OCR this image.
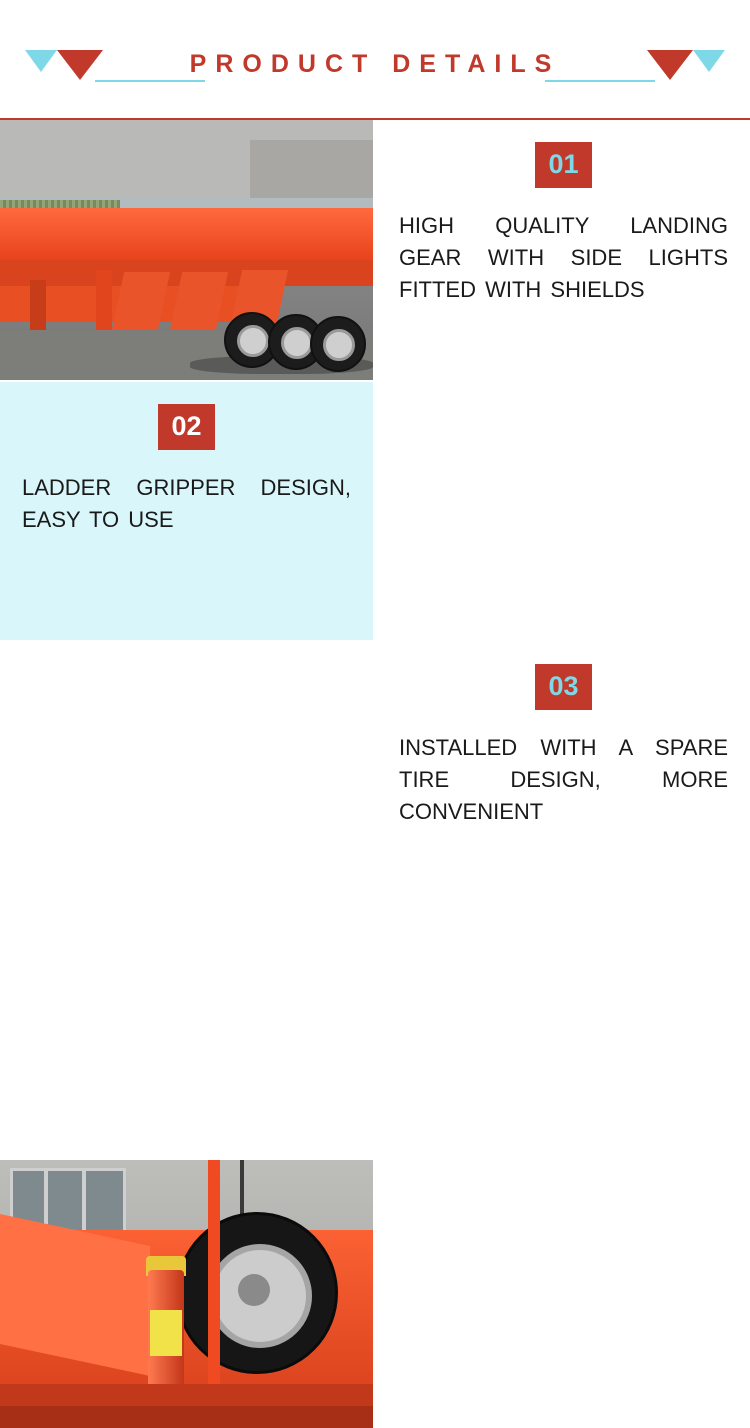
PRODUCT DETAILS
01
HIGH QUALITY LANDING GEAR WITH SIDE LIGHTS FITTED WITH SHIELDS
02
LADDER GRIPPER DESIGN, EASY TO USE
03
INSTALLED WITH A SPARE TIRE DESIGN, MORE CONVENIENT
